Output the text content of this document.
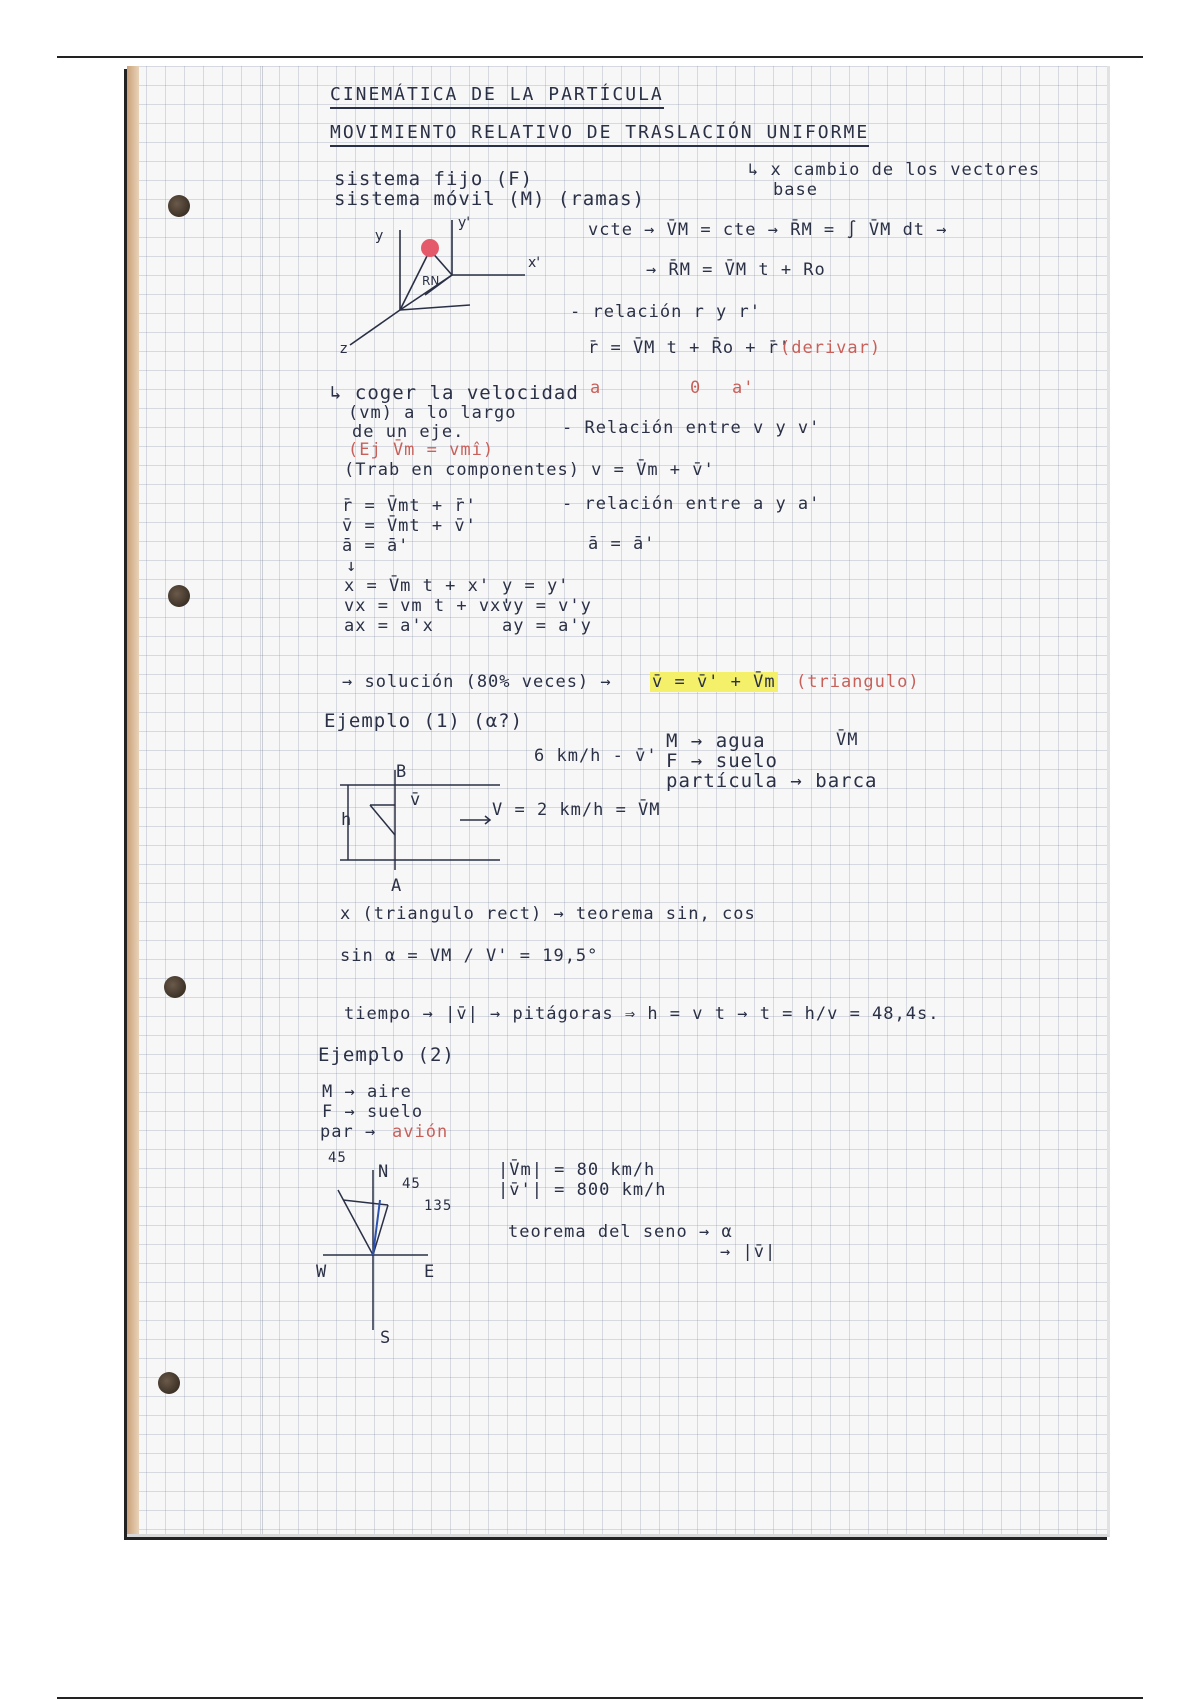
CINEMÁTICA DE LA PARTÍCULA
MOVIMIENTO RELATIVO DE TRASLACIÓN UNIFORME
sistema fijo (F)
sistema móvil (M) (ramas)
↳ x cambio de los vectores
base
y
y'
x'
z
RN
vcte → V̄M = cte → R̄M = ∫ V̄M dt →
→ R̄M = V̄M t + Ro
- relación r y r'
r̄ = V̄M t + R̄o + r̄'
(derivar)
a	0 a'
↳ coger la velocidad
(vm) a lo largo
de un eje.
(Ej V̄m = vmî)
(Trab en componentes) v = V̄m + v̄'
- Relación entre v y v'
r̄ = V̄mt + r̄'
v̄ = V̄mt + v̄'
ā = ā'
↓
- relación entre a y a'
ā = ā'
x = V̄m t + x'
vx = vm t + vx'
ax = a'x
y = y'
vy = v'y
ay = a'y
→ solución (80% veces) → v̄ = v̄' + V̄m (triangulo)
Ejemplo (1) (α?)
6 km/h - v̄'
M → agua
F → suelo
partícula → barca
V̄M
h
B
A
v̄	V = 2 km/h = V̄M
x (triangulo rect) → teorema sin, cos
sin α = VM / V' = 19,5°
tiempo → |v̄| → pitágoras ⇒ h = v t → t = h/v = 48,4s.
Ejemplo (2)
M → aire
F → suelo
par → avión
N
S
E
W
45
45
135
|V̄m| = 80 km/h
|v̄'| = 800 km/h
teorema del seno → α
→ |v̄|
